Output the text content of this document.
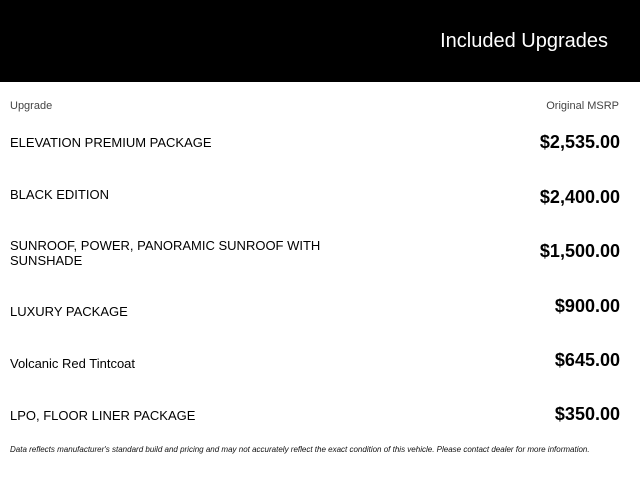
Included Upgrades
Upgrade	Original MSRP
ELEVATION PREMIUM PACKAGE	$2,535.00
BLACK EDITION	$2,400.00
SUNROOF, POWER, PANORAMIC SUNROOF WITH SUNSHADE	$1,500.00
LUXURY PACKAGE	$900.00
Volcanic Red Tintcoat	$645.00
LPO, FLOOR LINER PACKAGE	$350.00
Data reflects manufacturer's standard build and pricing and may not accurately reflect the exact condition of this vehicle. Please contact dealer for more information.
